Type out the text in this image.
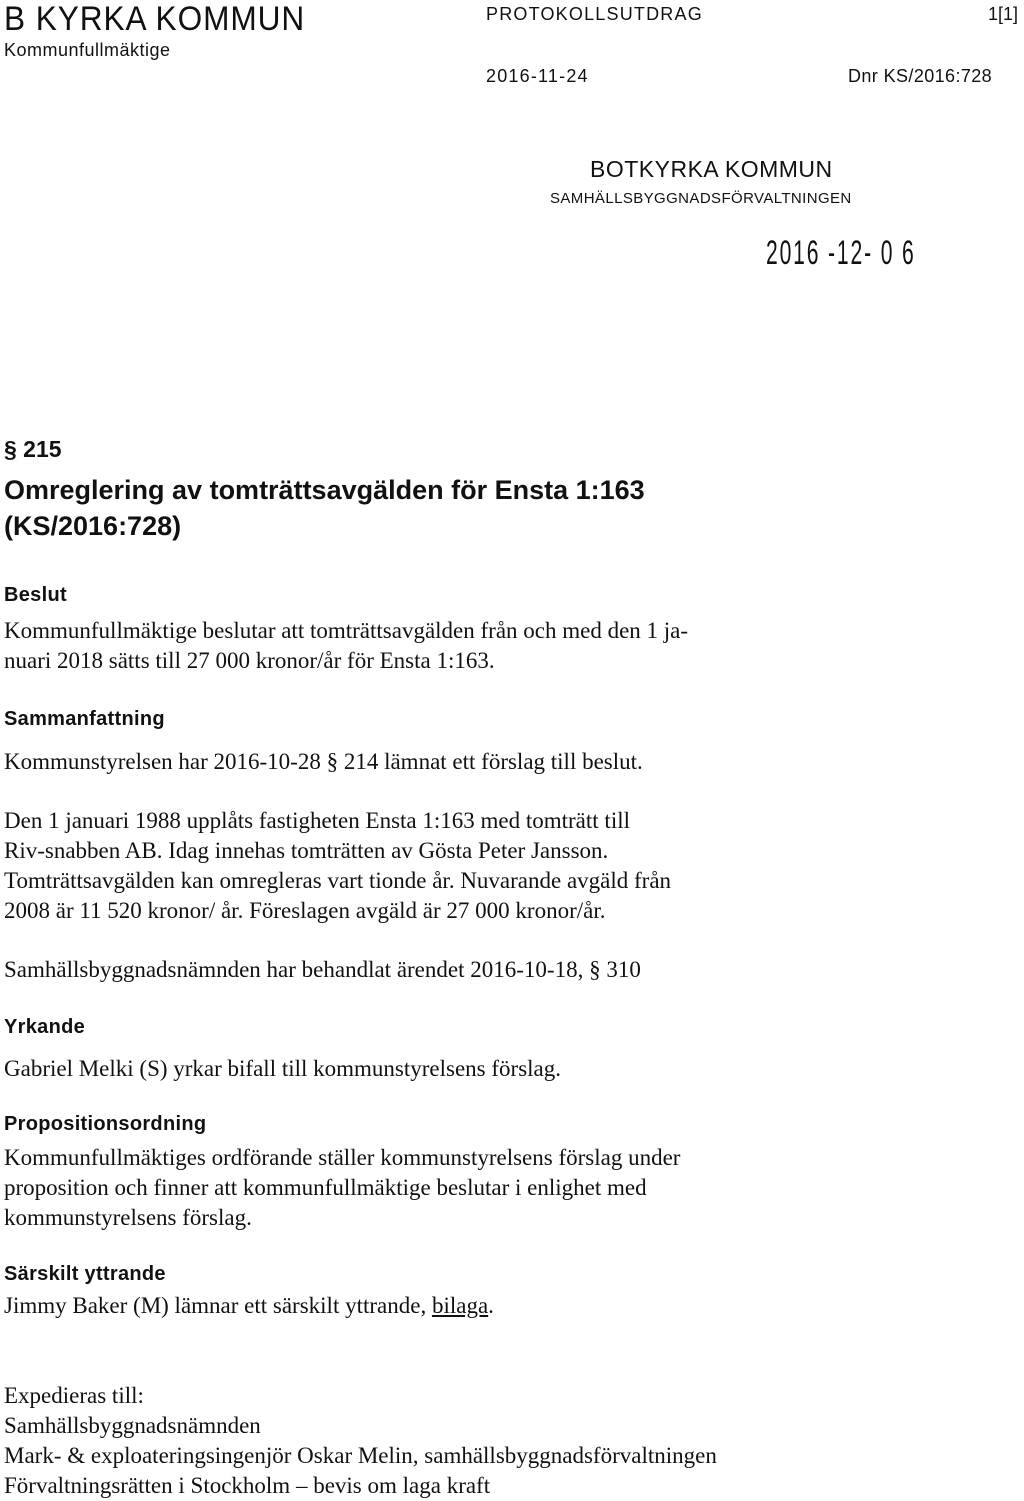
B KYRKA KOMMUN
Kommunfullmäktige
PROTOKOLLSUTDRAG	1[1]
2016-11-24	Dnr KS/2016:728
BOTKYRKA KOMMUN
SAMHÄLLSBYGGNADSFÖRVALTNINGEN
2016 -12- 0 6
§ 215
Omreglering av tomträttsavgälden för Ensta 1:163
(KS/2016:728)
Beslut
Kommunfullmäktige beslutar att tomträttsavgälden från och med den 1 ja-
nuari 2018 sätts till 27 000 kronor/år för Ensta 1:163.
Sammanfattning
Kommunstyrelsen har 2016-10-28 § 214 lämnat ett förslag till beslut.
Den 1 januari 1988 upplåts fastigheten Ensta 1:163 med tomträtt till
Riv-snabben AB. Idag innehas tomträtten av Gösta Peter Jansson.
Tomträttsavgälden kan omregleras vart tionde år. Nuvarande avgäld från
2008 är 11 520 kronor/ år. Föreslagen avgäld är 27 000 kronor/år.
Samhällsbyggnadsnämnden har behandlat ärendet 2016-10-18, § 310
Yrkande
Gabriel Melki (S) yrkar bifall till kommunstyrelsens förslag.
Propositionsordning
Kommunfullmäktiges ordförande ställer kommunstyrelsens förslag under
proposition och finner att kommunfullmäktige beslutar i enlighet med
kommunstyrelsens förslag.
Särskilt yttrande
Jimmy Baker (M) lämnar ett särskilt yttrande, bilaga.
Expedieras till:
Samhällsbyggnadsnämnden
Mark- & exploateringsingenjör Oskar Melin, samhällsbyggnadsförvaltningen
Förvaltningsrätten i Stockholm – bevis om laga kraft
